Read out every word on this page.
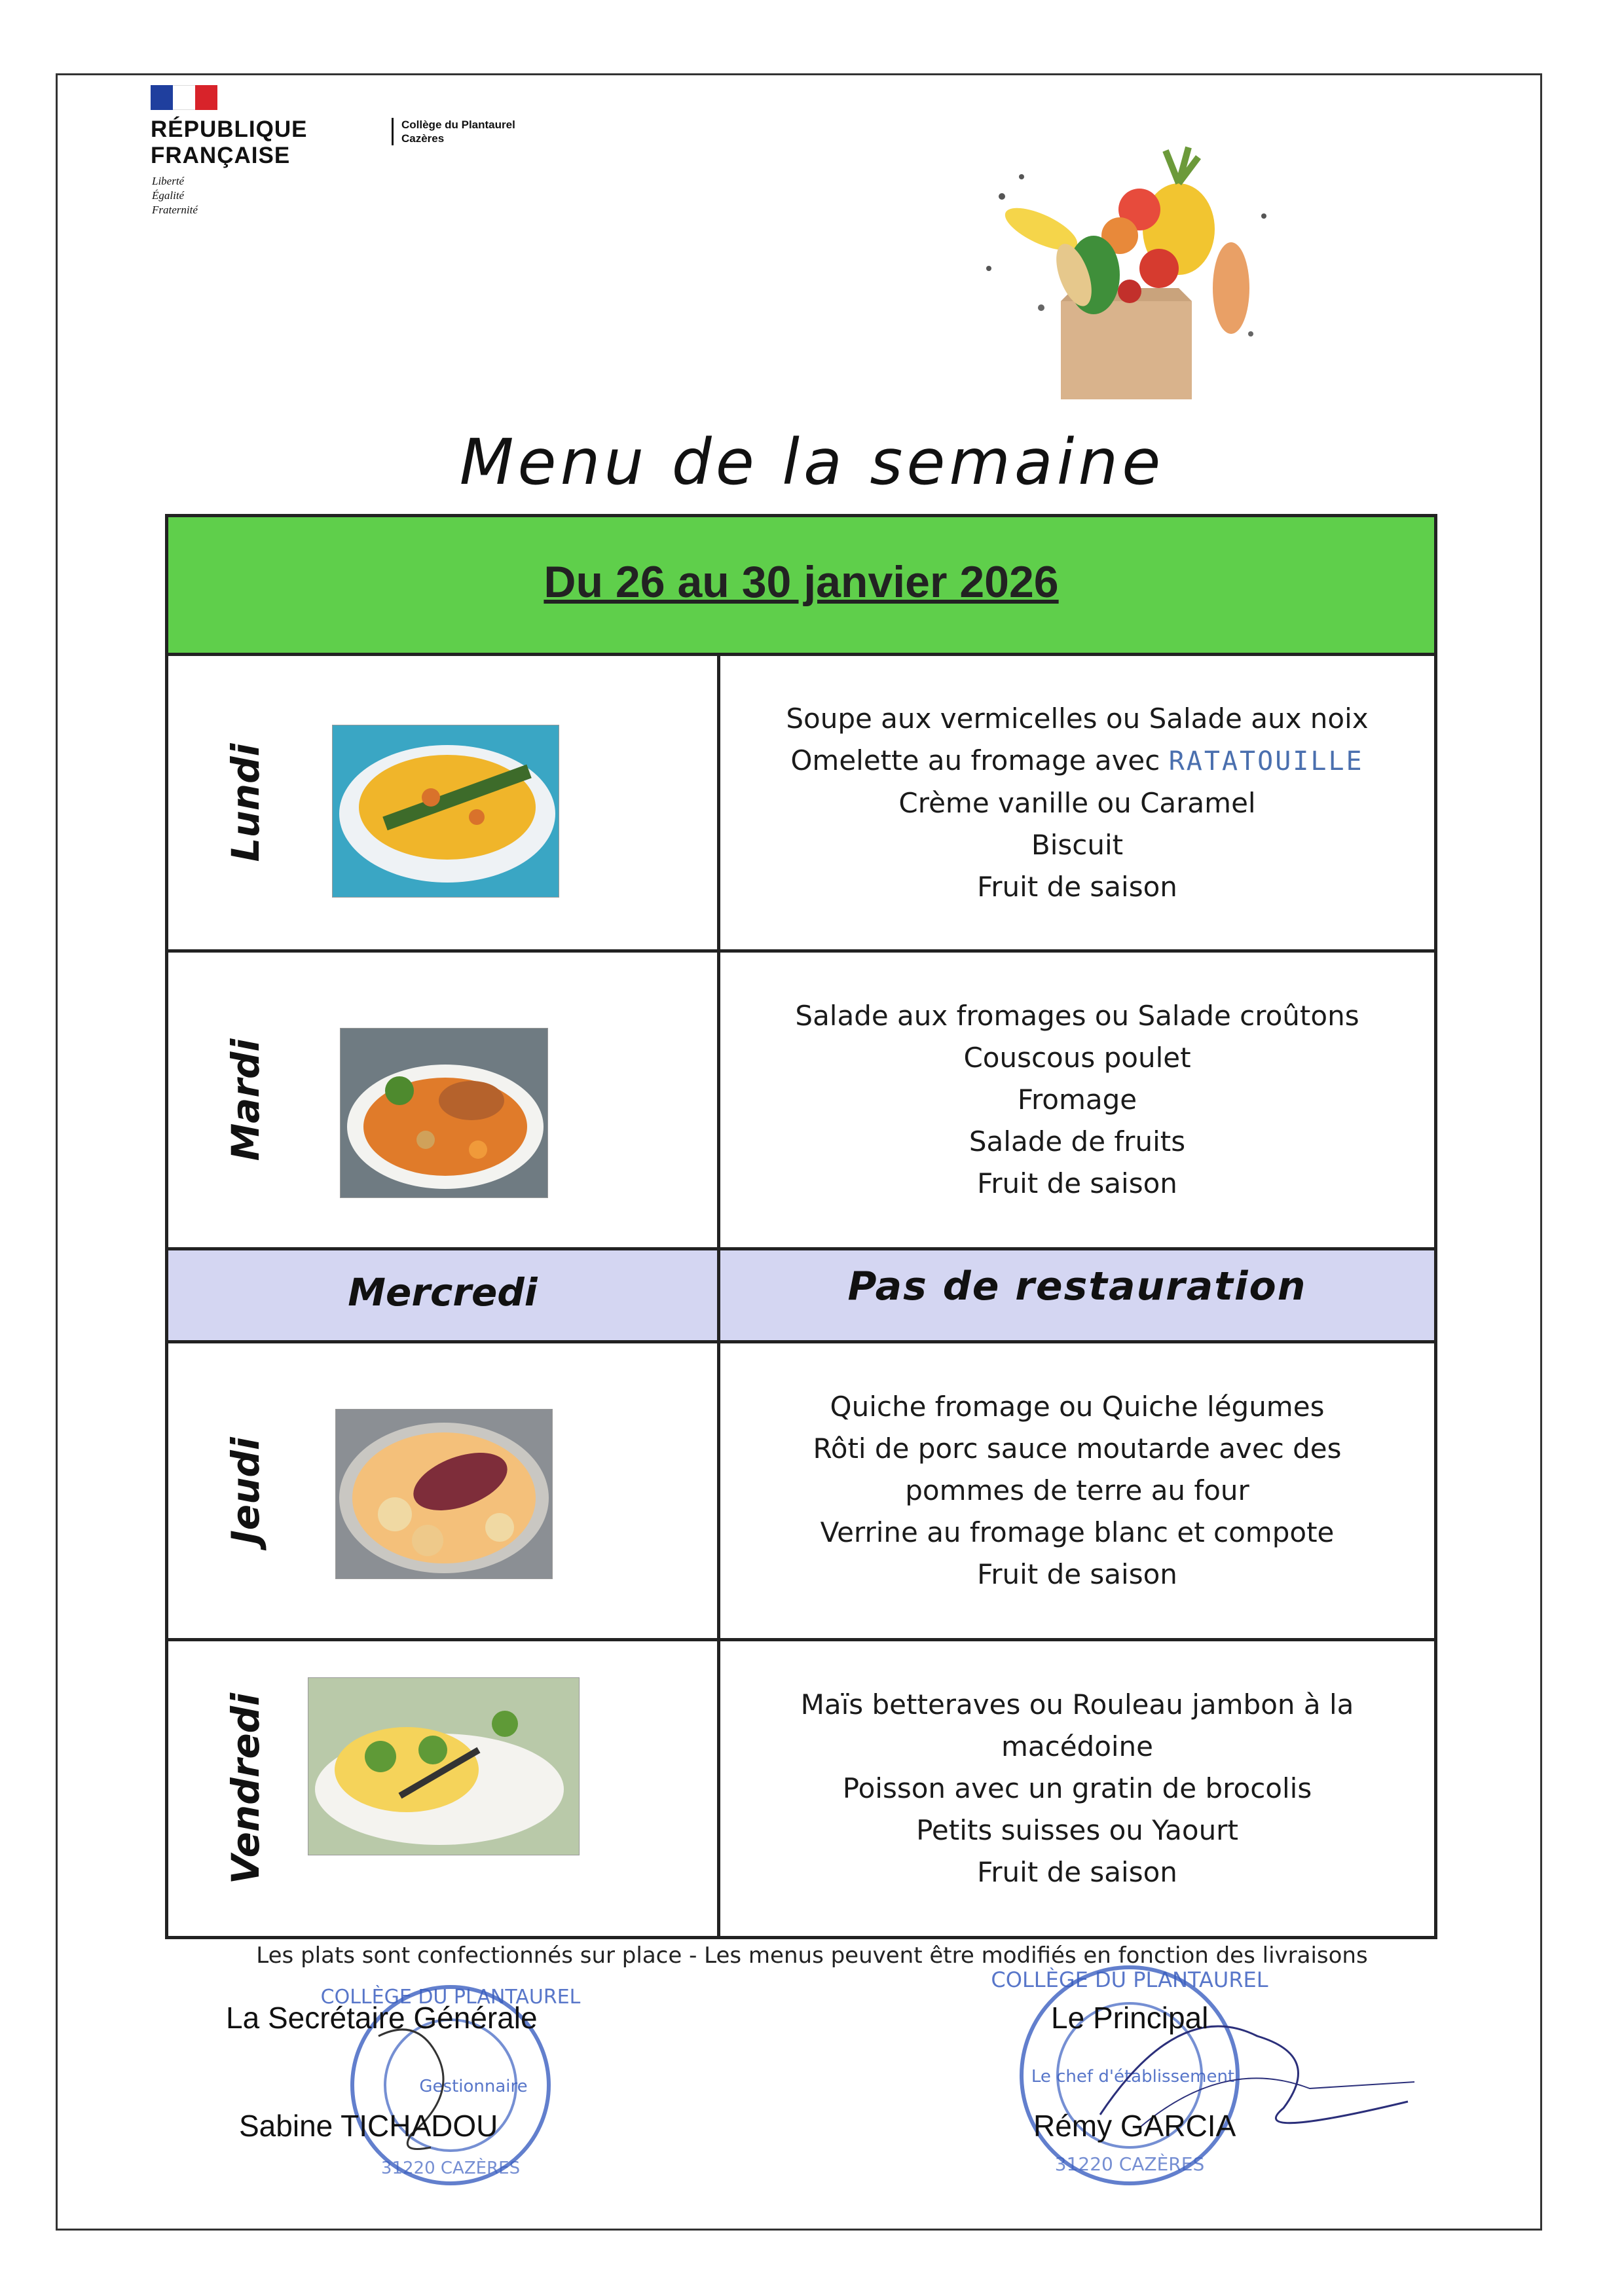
RÉPUBLIQUE
FRANÇAISE
Liberté
Égalité
Fraternité
Collège du Plantaurel
Cazères
Menu de la semaine
Du 26 au 30 janvier 2026
Lundi
Soupe aux vermicelles ou Salade aux noix
Omelette au fromage avec RATATOUILLE
Crème vanille ou Caramel
Biscuit
Fruit de saison
Mardi
Salade aux fromages ou Salade croûtons
Couscous poulet
Fromage
Salade de fruits
Fruit de saison
Mercredi	Pas de restauration
Jeudi
Quiche fromage ou Quiche légumes
Rôti de porc sauce moutarde avec des pommes de terre au four
Verrine au fromage blanc et compote
Fruit de saison
Vendredi	Maïs betteraves ou Rouleau jambon à la macédoine
Poisson avec un gratin de brocolis
Petits suisses ou Yaourt
Fruit de saison
Les plats sont confectionnés sur place - Les menus peuvent être modifiés en fonction des livraisons
COLLÈGE DU PLANTAUREL
Gestionnaire
31220 CAZÈRES
COLLÈGE DU PLANTAUREL
Le chef d'établissement
31220 CAZÈRES
La Secrétaire Générale
Sabine TICHADOU
Le Principal
Rémy GARCIA
